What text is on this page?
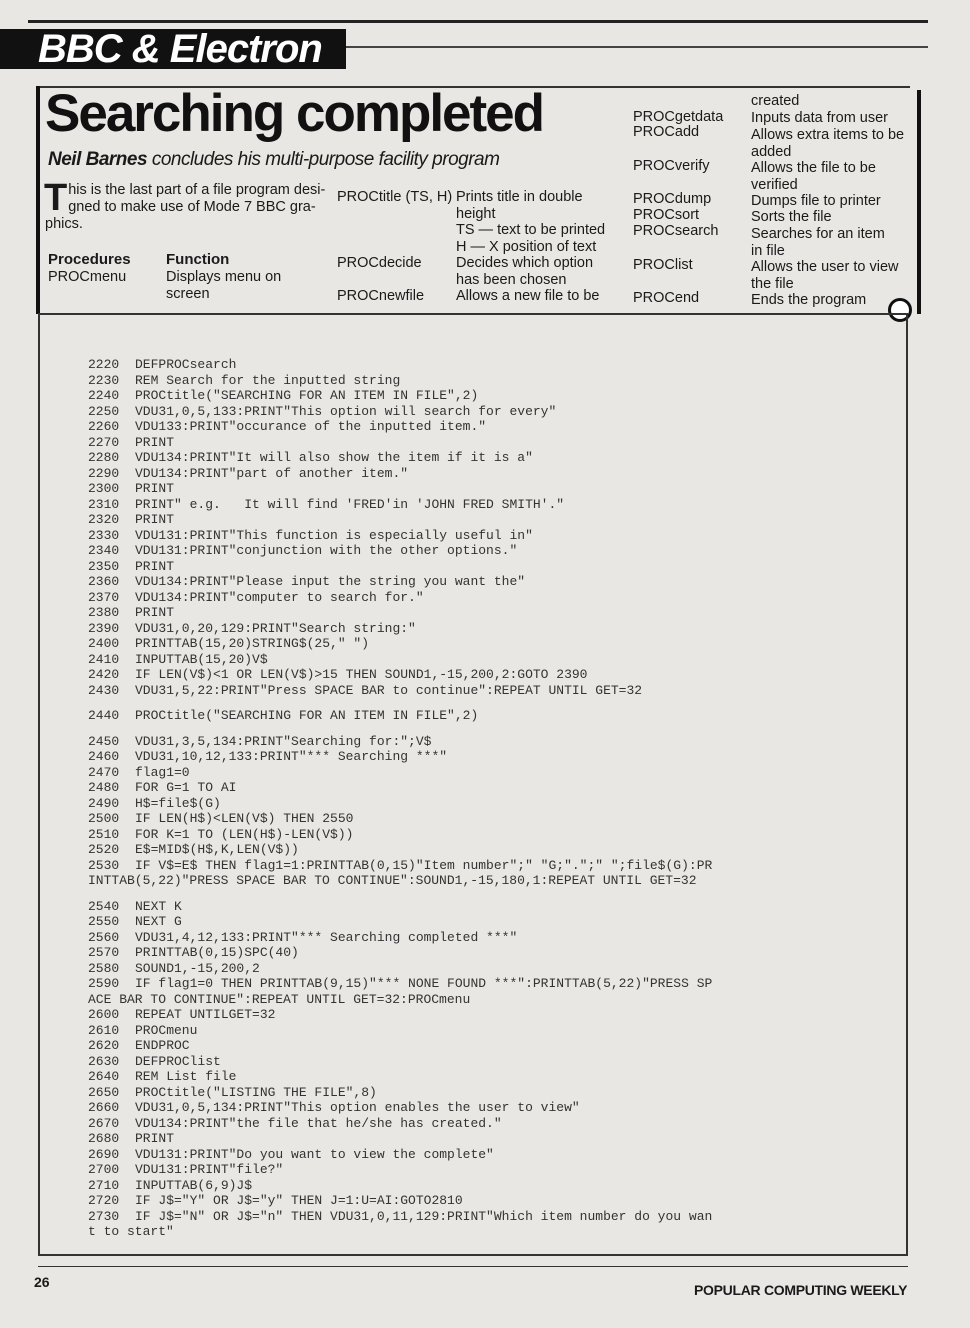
BBC & Electron
Searching completed
Neil Barnes concludes his multi-purpose facility program
T his is the last part of a file program desi-
gned to make use of Mode 7 BBC gra-
phics.
Procedures Function
PROCmenu	Displays menu on
screen
PROCtitle (TS, H) Prints title in double
height
TS — text to be printed
H — X position of text
PROCdecide Decides which option
has been chosen
PROCnewfile Allows a new file to be
created
PROCgetdata Inputs data from user
PROCadd	Allows extra items to be
added
PROCverify	Allows the file to be
verified
PROCdump	Dumps file to printer
PROCsort	Sorts the file
PROCsearch Searches for an item
in file
PROClist	Allows the user to view
the file
PROCend	Ends the program
2220 DEFPROCsearch
2230 REM Search for the inputted string
2240 PROCtitle("SEARCHING FOR AN ITEM IN FILE",2)
2250 VDU31,0,5,133:PRINT"This option will search for every"
2260 VDU133:PRINT"occurance of the inputted item."
2270 PRINT
2280 VDU134:PRINT"It will also show the item if it is a"
2290 VDU134:PRINT"part of another item."
2300 PRINT
2310 PRINT" e.g.   It will find 'FRED'in 'JOHN FRED SMITH'."
2320 PRINT
2330 VDU131:PRINT"This function is especially useful in"
2340 VDU131:PRINT"conjunction with the other options."
2350 PRINT
2360 VDU134:PRINT"Please input the string you want the"
2370 VDU134:PRINT"computer to search for."
2380 PRINT
2390 VDU31,0,20,129:PRINT"Search string:"
2400 PRINTTAB(15,20)STRING$(25," ")
2410 INPUTTAB(15,20)V$
2420 IF LEN(V$)<1 OR LEN(V$)>15 THEN SOUND1,-15,200,2:GOTO 2390
2430 VDU31,5,22:PRINT"Press SPACE BAR to continue":REPEAT UNTIL GET=32
2440 PROCtitle("SEARCHING FOR AN ITEM IN FILE",2)
2450 VDU31,3,5,134:PRINT"Searching for:";V$
2460 VDU31,10,12,133:PRINT"*** Searching ***"
2470 flag1=0
2480 FOR G=1 TO AI
2490 H$=file$(G)
2500 IF LEN(H$)<LEN(V$) THEN 2550
2510 FOR K=1 TO (LEN(H$)-LEN(V$))
2520 E$=MID$(H$,K,LEN(V$))
2530 IF V$=E$ THEN flag1=1:PRINTTAB(0,15)"Item number";" "G;".";" ";file$(G):PR
INTTAB(5,22)"PRESS SPACE BAR TO CONTINUE":SOUND1,-15,180,1:REPEAT UNTIL GET=32
2540 NEXT K
2550 NEXT G
2560 VDU31,4,12,133:PRINT"*** Searching completed ***"
2570 PRINTTAB(0,15)SPC(40)
2580 SOUND1,-15,200,2
2590 IF flag1=0 THEN PRINTTAB(9,15)"*** NONE FOUND ***":PRINTTAB(5,22)"PRESS SP
ACE BAR TO CONTINUE":REPEAT UNTIL GET=32:PROCmenu
2600 REPEAT UNTILGET=32
2610 PROCmenu
2620 ENDPROC
2630 DEFPROClist
2640 REM List file
2650 PROCtitle("LISTING THE FILE",8)
2660 VDU31,0,5,134:PRINT"This option enables the user to view"
2670 VDU134:PRINT"the file that he/she has created."
2680 PRINT
2690 VDU131:PRINT"Do you want to view the complete"
2700 VDU131:PRINT"file?"
2710 INPUTTAB(6,9)J$
2720 IF J$="Y" OR J$="y" THEN J=1:U=AI:GOTO2810
2730 IF J$="N" OR J$="n" THEN VDU31,0,11,129:PRINT"Which item number do you wan
t to start"
26	POPULAR COMPUTING WEEKLY
